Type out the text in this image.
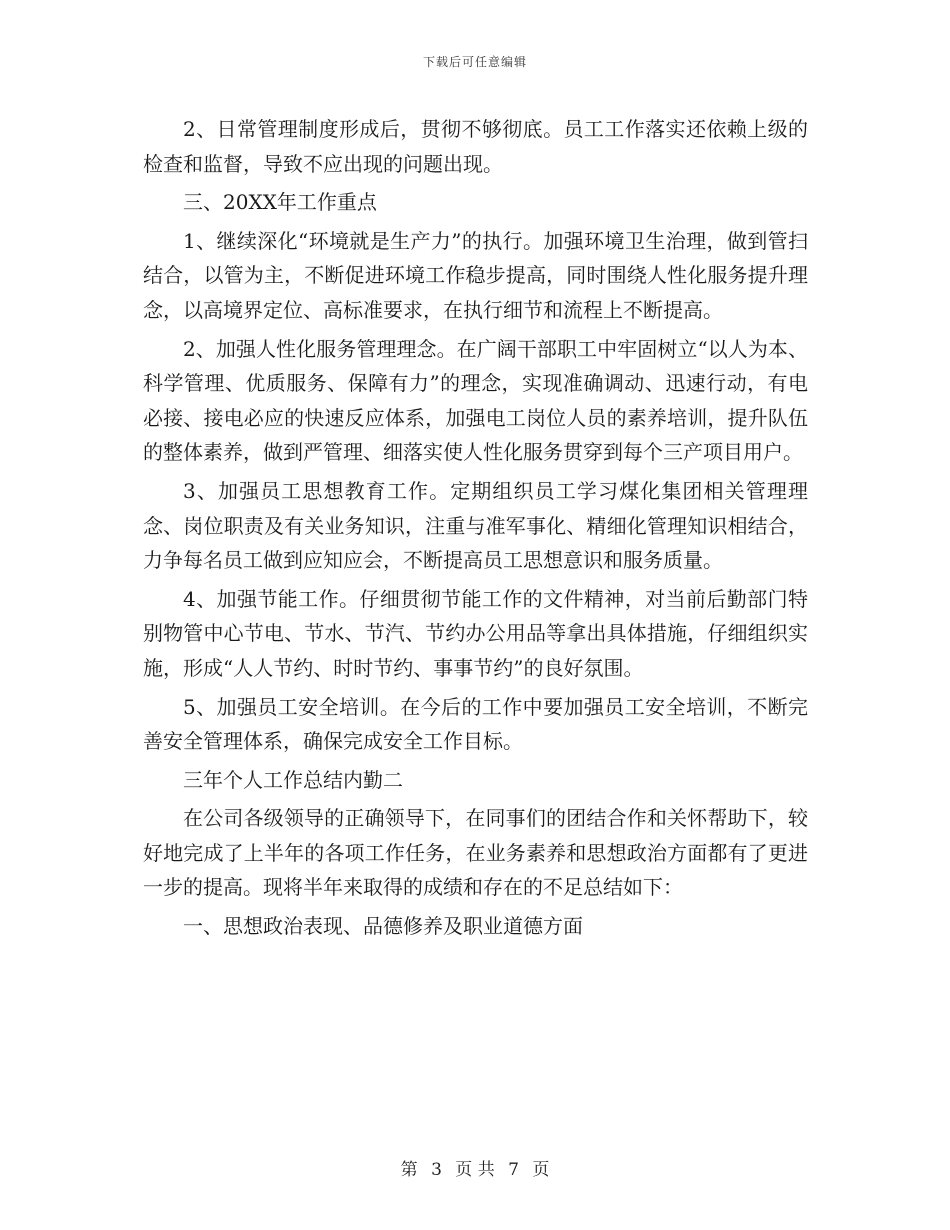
下载后可任意编辑

2、日常管理制度形成后，贯彻不够彻底。员工工作落实还依赖上级的检查和监督，导致不应出现的问题出现。

三、20XX年工作重点

1、继续深化“环境就是生产力”的执行。加强环境卫生治理，做到管扫结合，以管为主，不断促进环境工作稳步提高，同时围绕人性化服务提升理念，以高境界定位、高标准要求，在执行细节和流程上不断提高。

2、加强人性化服务管理理念。在广阔干部职工中牢固树立“以人为本、科学管理、优质服务、保障有力”的理念，实现准确调动、迅速行动，有电必接、接电必应的快速反应体系，加强电工岗位人员的素养培训，提升队伍的整体素养，做到严管理、细落实使人性化服务贯穿到每个三产项目用户。

3、加强员工思想教育工作。定期组织员工学习煤化集团相关管理理念、岗位职责及有关业务知识，注重与准军事化、精细化管理知识相结合，力争每名员工做到应知应会，不断提高员工思想意识和服务质量。

4、加强节能工作。仔细贯彻节能工作的文件精神，对当前后勤部门特别物管中心节电、节水、节汽、节约办公用品等拿出具体措施，仔细组织实施，形成“人人节约、时时节约、事事节约”的良好氛围。

5、加强员工安全培训。在今后的工作中要加强员工安全培训，不断完善安全管理体系，确保完成安全工作目标。

三年个人工作总结内勤二

在公司各级领导的正确领导下，在同事们的团结合作和关怀帮助下，较好地完成了上半年的各项工作任务，在业务素养和思想政治方面都有了更进一步的提高。现将半年来取得的成绩和存在的不足总结如下：

一、思想政治表现、品德修养及职业道德方面

第 3 页 共 7 页
